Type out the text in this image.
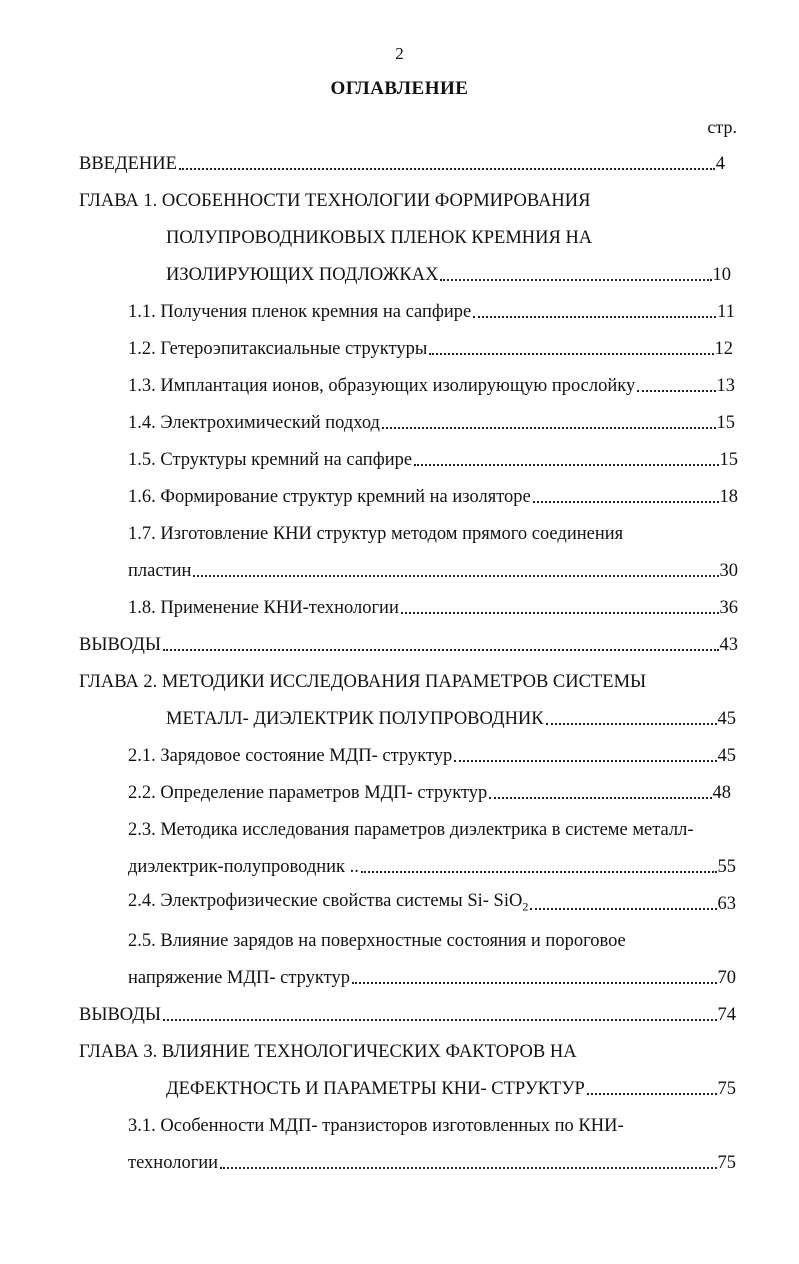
2
ОГЛАВЛЕНИЕ
стр.
ВВЕДЕНИЕ	4
ГЛАВА 1. ОСОБЕННОСТИ ТЕХНОЛОГИИ ФОРМИРОВАНИЯ
ПОЛУПРОВОДНИКОВЫХ ПЛЕНОК КРЕМНИЯ НА
ИЗОЛИРУЮЩИХ ПОДЛОЖКАХ	10
1.1. Получения пленок кремния на сапфире	11
1.2. Гетероэпитаксиальные структуры	12
1.3. Имплантация ионов, образующих изолирующую прослойку	13
1.4. Электрохимический подход	15
1.5. Структуры кремний на сапфире	15
1.6. Формирование структур кремний на изоляторе	18
1.7. Изготовление КНИ структур методом прямого соединения
пластин	30
1.8. Применение КНИ-технологии	36
ВЫВОДЫ	43
ГЛАВА 2. МЕТОДИКИ ИССЛЕДОВАНИЯ ПАРАМЕТРОВ СИСТЕМЫ
МЕТАЛЛ- ДИЭЛЕКТРИК ПОЛУПРОВОДНИК	45
2.1. Зарядовое состояние МДП- структур	45
2.2. Определение параметров МДП- структур	48
2.3. Методика исследования параметров диэлектрика в системе металл-
диэлектрик-полупроводник ..	55
2.4. Электрофизические свойства системы Si- SiO$_2$	63
2.5. Влияние зарядов на поверхностные состояния и пороговое
напряжение МДП- структур	70
ВЫВОДЫ	74
ГЛАВА 3. ВЛИЯНИЕ ТЕХНОЛОГИЧЕСКИХ ФАКТОРОВ НА
ДЕФЕКТНОСТЬ И ПАРАМЕТРЫ КНИ- СТРУКТУР	75
3.1. Особенности МДП- транзисторов изготовленных по КНИ-
технологии	75
